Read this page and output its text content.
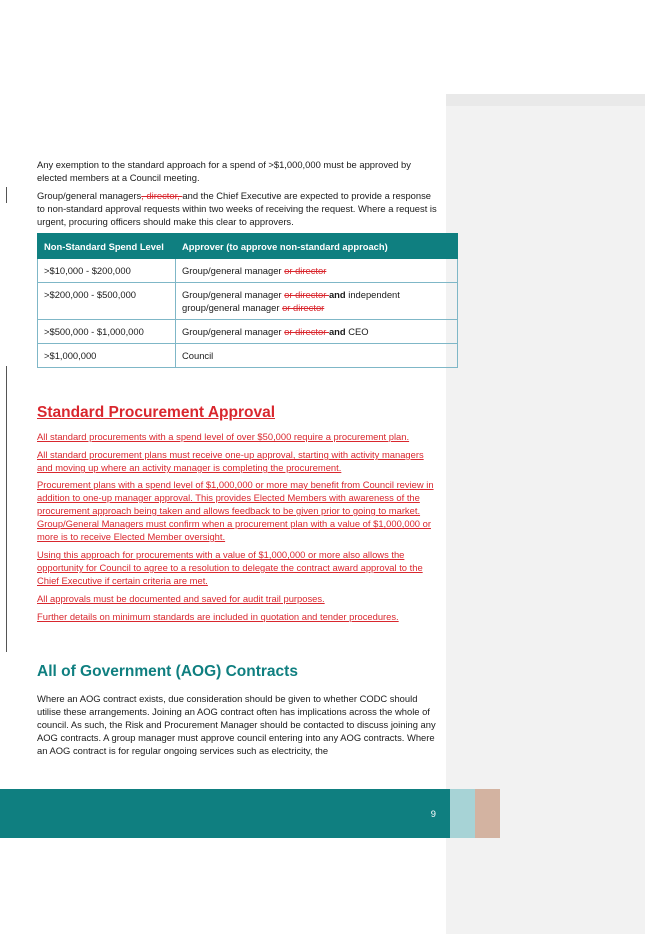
Any exemption to the standard approach for a spend of >$1,000,000 must be approved by elected members at a Council meeting.

Group/general managers, director, and the Chief Executive are expected to provide a response to non-standard approval requests within two weeks of receiving the request. Where a request is urgent, procuring officers should make this clear to approvers.

Non-Standard Spend Level	Approver (to approve non-standard approach)
>$10,000 - $200,000	Group/general manager or director
>$200,000 - $500,000	Group/general manager or director and independent group/general manager or director
>$500,000 - $1,000,000	Group/general manager or director and CEO
>$1,000,000	Council
Standard Procurement Approval

All standard procurements with a spend level of over $50,000 require a procurement plan.

All standard procurement plans must receive one-up approval, starting with activity managers and moving up where an activity manager is completing the procurement.

Procurement plans with a spend level of $1,000,000 or more may benefit from Council review in addition to one-up manager approval. This provides Elected Members with awareness of the procurement approach being taken and allows feedback to be given prior to going to market. Group/General Managers must confirm when a procurement plan with a value of $1,000,000 or more is to receive Elected Member oversight.

Using this approach for procurements with a value of $1,000,000 or more also allows the opportunity for Council to agree to a resolution to delegate the contract award approval to the Chief Executive if certain criteria are met.

All approvals must be documented and saved for audit trail purposes.

Further details on minimum standards are included in quotation and tender procedures.

All of Government (AOG) Contracts

Where an AOG contract exists, due consideration should be given to whether CODC should utilise these arrangements. Joining an AOG contract often has implications across the whole of council. As such, the Risk and Procurement Manager should be contacted to discuss joining any AOG contracts. A group manager must approve council entering into any AOG contracts. Where an AOG contract is for regular ongoing services such as electricity, the

9
